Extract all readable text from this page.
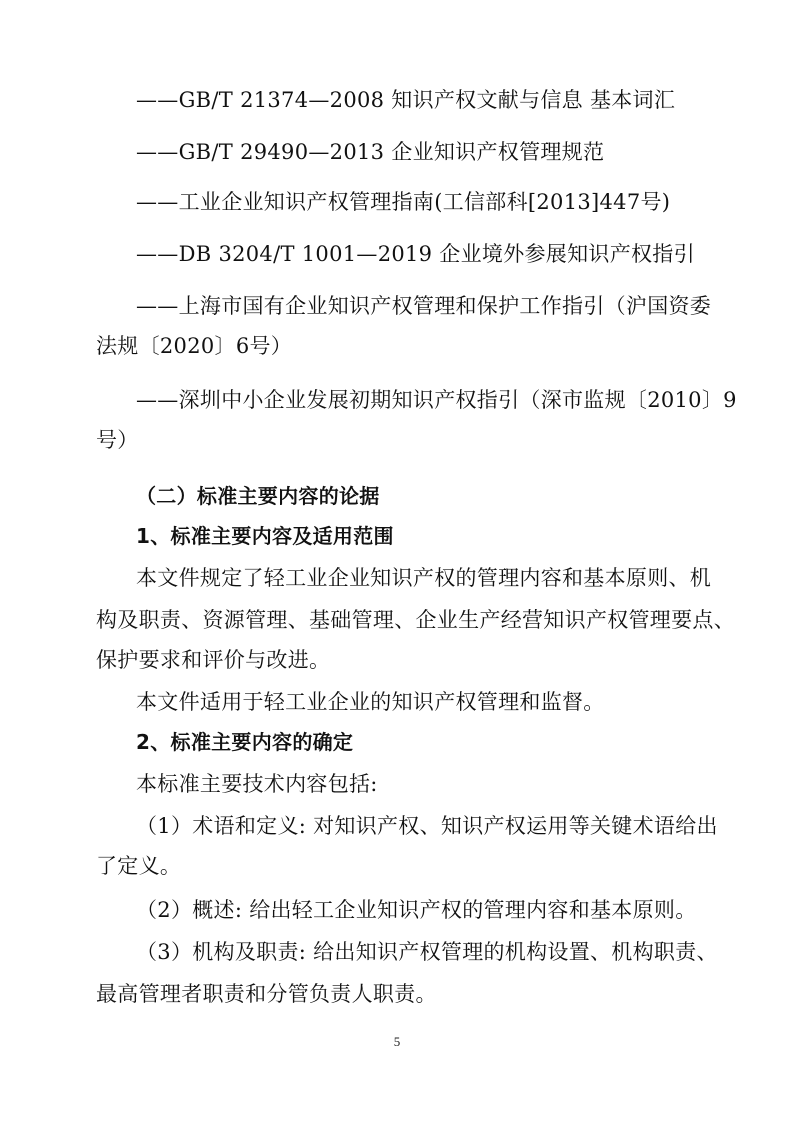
——GB/T 21374—2008 知识产权文献与信息 基本词汇
——GB/T 29490—2013 企业知识产权管理规范
——工业企业知识产权管理指南(工信部科[2013]447号)
——DB 3204/T 1001—2019 企业境外参展知识产权指引
——上海市国有企业知识产权管理和保护工作指引（沪国资委
法规〔2020〕6号）
——深圳中小企业发展初期知识产权指引（深市监规〔2010〕9
号）
（二）标准主要内容的论据
1、标准主要内容及适用范围
本文件规定了轻工业企业知识产权的管理内容和基本原则、机
构及职责、资源管理、基础管理、企业生产经营知识产权管理要点、
保护要求和评价与改进。
本文件适用于轻工业企业的知识产权管理和监督。
2、标准主要内容的确定
本标准主要技术内容包括:
（1）术语和定义: 对知识产权、知识产权运用等关键术语给出
了定义。
（2）概述: 给出轻工企业知识产权的管理内容和基本原则。
（3）机构及职责: 给出知识产权管理的机构设置、机构职责、
最高管理者职责和分管负责人职责。
5
